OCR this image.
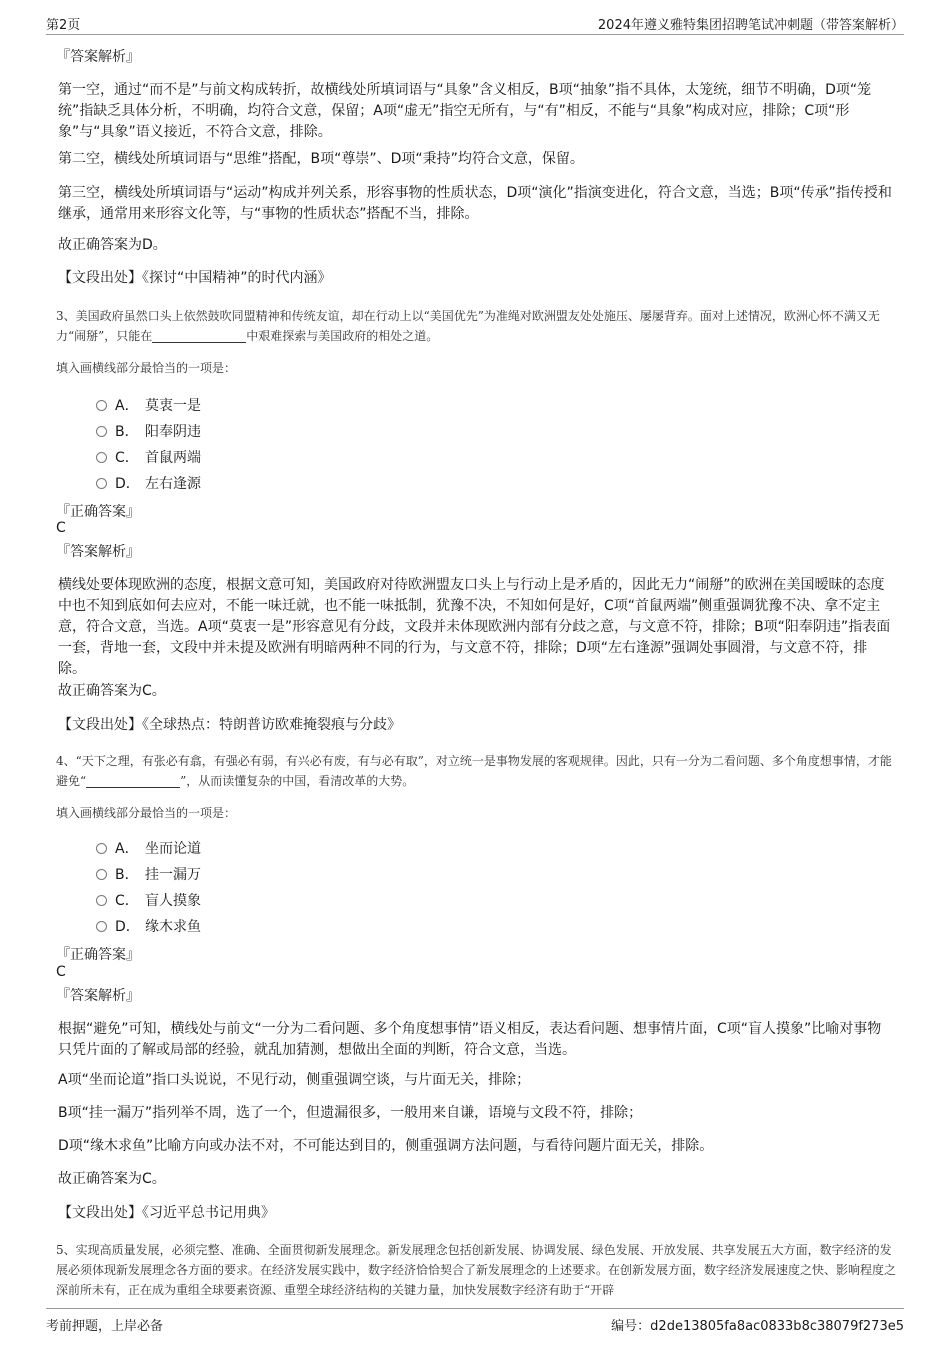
第2页	2024年遵义雅特集团招聘笔试冲刺题（带答案解析）
『答案解析』

第一空，通过“而不是”与前文构成转折，故横线处所填词语与“具象”含义相反，B项“抽象”指不具体，太笼统，细节不明确，D项“笼统”指缺乏具体分析，不明确，均符合文意，保留；A项“虚无”指空无所有，与“有”相反，不能与“具象”构成对应，排除；C项“形象”与“具象”语义接近，不符合文意，排除。

第二空，横线处所填词语与“思维”搭配，B项“尊崇”、D项“秉持”均符合文意，保留。

第三空，横线处所填词语与“运动”构成并列关系，形容事物的性质状态，D项“演化”指演变进化，符合文意，当选；B项“传承”指传授和继承，通常用来形容文化等，与“事物的性质状态”搭配不当，排除。

故正确答案为D。

【文段出处】《探讨“中国精神”的时代内涵》

3、美国政府虽然口头上依然鼓吹同盟精神和传统友谊，却在行动上以“美国优先”为准绳对欧洲盟友处处施压、屡屡背弃。面对上述情况，欧洲心怀不满又无力“闹掰”，只能在	中艰难探索与美国政府的相处之道。

填入画横线部分最恰当的一项是：

A． 莫衷一是
B． 阳奉阴违
C． 首鼠两端
D． 左右逢源
『正确答案』
C
『答案解析』

横线处要体现欧洲的态度，根据文意可知，美国政府对待欧洲盟友口头上与行动上是矛盾的，因此无力“闹掰”的欧洲在美国暧昧的态度中也不知到底如何去应对，不能一味迁就，也不能一味抵制，犹豫不决，不知如何是好，C项“首鼠两端”侧重强调犹豫不决、拿不定主意，符合文意，当选。A项“莫衷一是”形容意见有分歧，文段并未体现欧洲内部有分歧之意，与文意不符，排除；B项“阳奉阴违”指表面一套，背地一套，文段中并未提及欧洲有明暗两种不同的行为，与文意不符，排除；D项“左右逢源”强调处事圆滑，与文意不符，排除。

故正确答案为C。

【文段出处】《全球热点：特朗普访欧难掩裂痕与分歧》

4、“天下之理，有张必有翕，有强必有弱，有兴必有废，有与必有取”，对立统一是事物发展的客观规律。因此，只有一分为二看问题、多个角度想事情，才能避免“	”，从而读懂复杂的中国，看清改革的大势。

填入画横线部分最恰当的一项是：

A． 坐而论道
B． 挂一漏万
C． 盲人摸象
D． 缘木求鱼
『正确答案』
C
『答案解析』

根据“避免”可知，横线处与前文“一分为二看问题、多个角度想事情”语义相反，表达看问题、想事情片面，C项“盲人摸象”比喻对事物只凭片面的了解或局部的经验，就乱加猜测，想做出全面的判断，符合文意，当选。

A项“坐而论道”指口头说说，不见行动，侧重强调空谈，与片面无关，排除；

B项“挂一漏万”指列举不周，选了一个，但遗漏很多，一般用来自谦，语境与文段不符，排除；

D项“缘木求鱼”比喻方向或办法不对，不可能达到目的，侧重强调方法问题，与看待问题片面无关，排除。

故正确答案为C。

【文段出处】《习近平总书记用典》

5、实现高质量发展，必须完整、准确、全面贯彻新发展理念。新发展理念包括创新发展、协调发展、绿色发展、开放发展、共享发展五大方面，数字经济的发展必须体现新发展理念各方面的要求。在经济发展实践中，数字经济恰恰契合了新发展理念的上述要求。在创新发展方面，数字经济发展速度之快、影响程度之深前所未有，正在成为重组全球要素资源、重塑全球经济结构的关键力量，加快发展数字经济有助于“开辟

考前押题，上岸必备	编号：d2de13805fa8ac0833b8c38079f273e5
